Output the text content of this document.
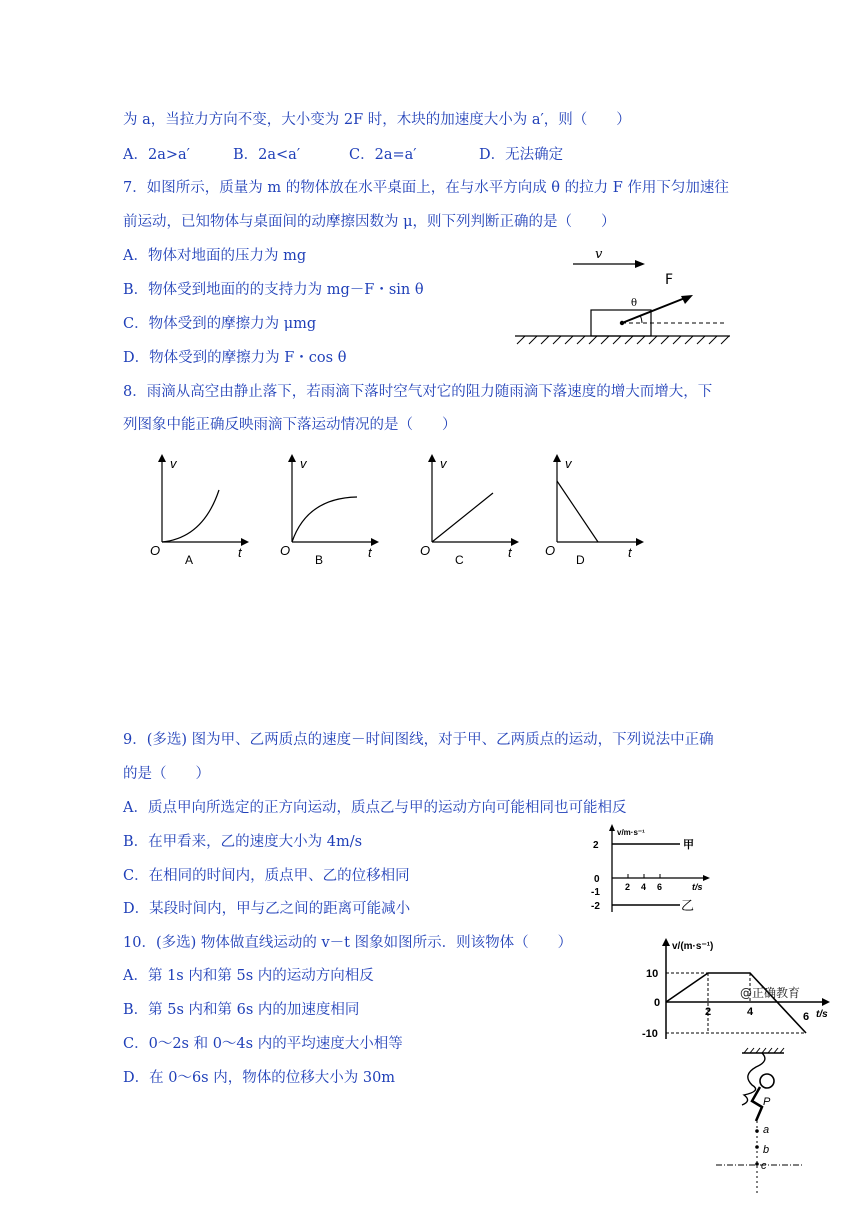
为 a，当拉力方向不变，大小变为 2F 时，木块的加速度大小为 a′，则（　　）
A．2a>a′	B．2a<a′	C．2a=a′	D．无法确定
7．如图所示，质量为 m 的物体放在水平桌面上，在与水平方向成 θ 的拉力 F 作用下匀加速往
前运动，已知物体与桌面间的动摩擦因数为 μ，则下列判断正确的是（　　）
A．物体对地面的压力为 mg
B．物体受到地面的的支持力为 mg－F・sin θ
C．物体受到的摩擦力为 μmg
D．物体受到的摩擦力为 F・cos θ
v
θ
F
8．雨滴从高空由静止落下，若雨滴下落时空气对它的阻力随雨滴下落速度的增大而增大，下
列图象中能正确反映雨滴下落运动情况的是（　　）
v
O	t
A
v
O	t
B
v
O	t
C
v
O	t
D
9．(多选) 图为甲、乙两质点的速度－时间图线，对于甲、乙两质点的运动，下列说法中正确
的是（　　）
A．质点甲向所选定的正方向运动，质点乙与甲的运动方向可能相同也可能相反
B．在甲看来，乙的速度大小为 4m/s
C．在相同的时间内，质点甲、乙的位移相同
D．某段时间内，甲与乙之间的距离可能减小
v/m·s⁻¹
t/s
2
0
-1
-2
2 4 6
甲
乙
10．(多选) 物体做直线运动的 v－t 图象如图所示．则该物体（　　）
A．第 1s 内和第 5s 内的运动方向相反
B．第 5s 内和第 6s 内的加速度相同
C．0～2s 和 0～4s 内的平均速度大小相等
D．在 0～6s 内，物体的位移大小为 30m
v/(m·s⁻¹)
t/s
10
0
-10
2	4	6
@正确教育
P
a
b
c
